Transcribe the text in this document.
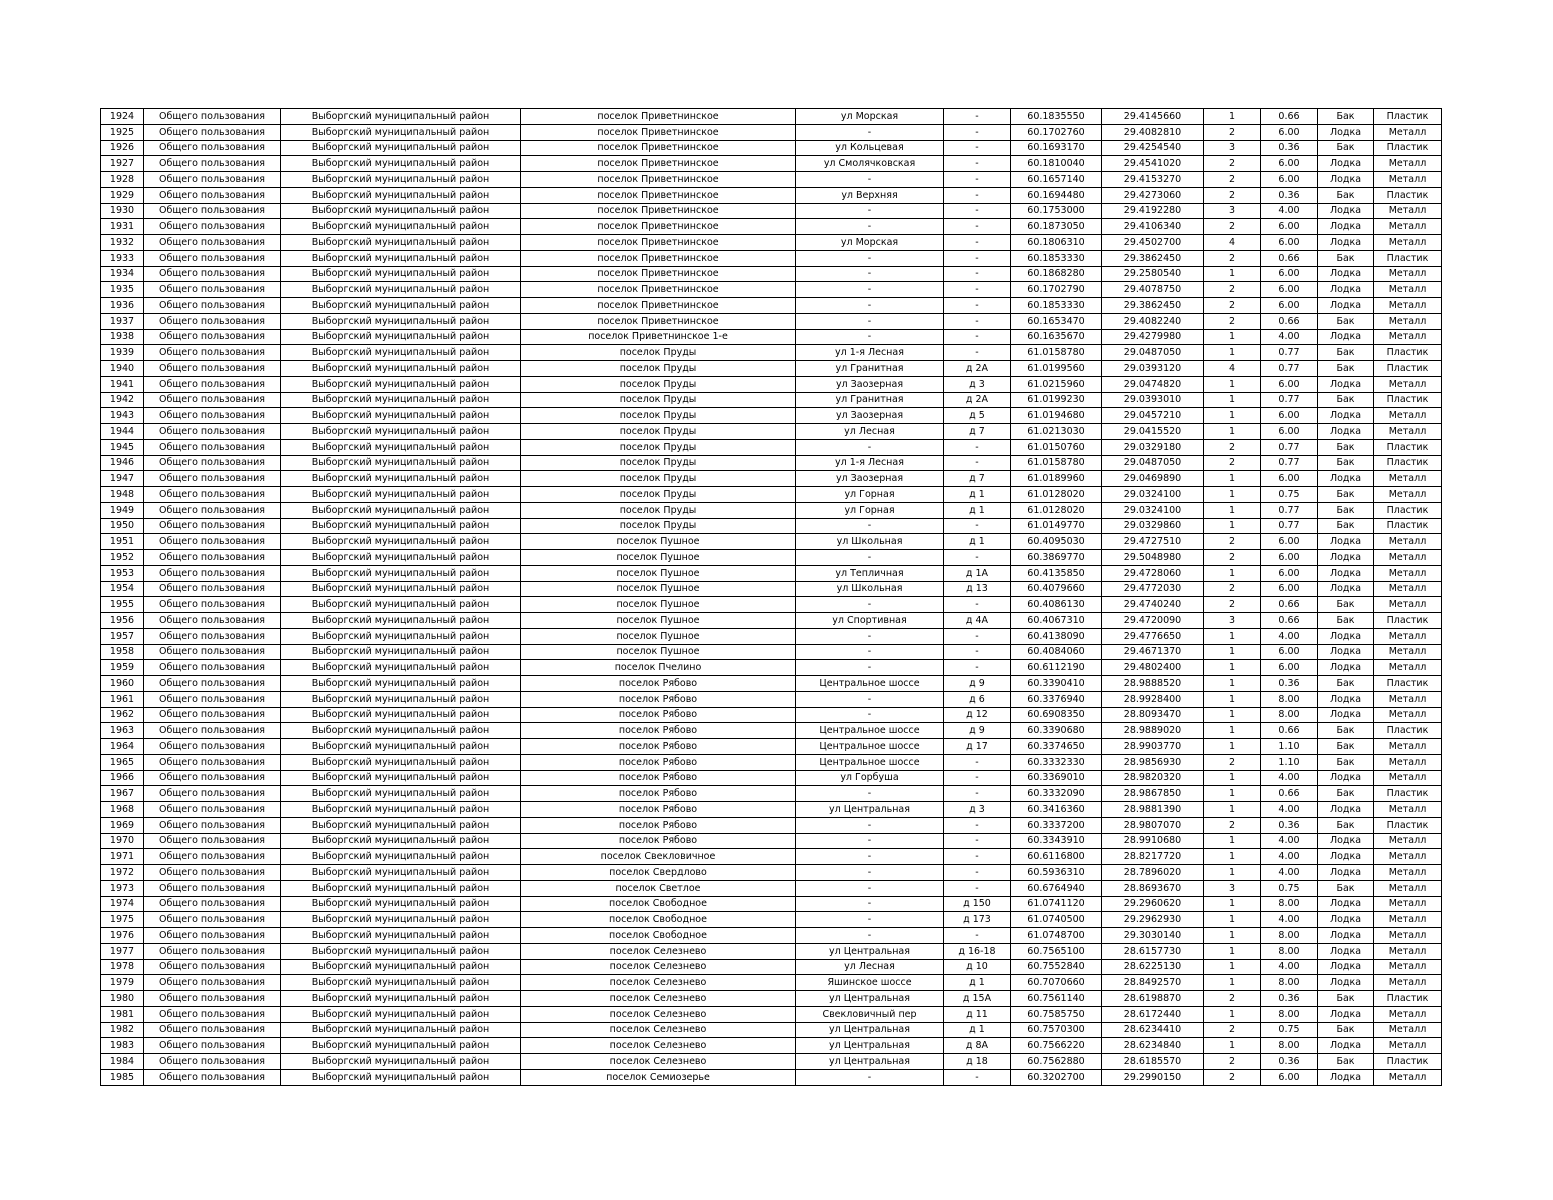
1924	Общего пользования	Выборгский муниципальный район	поселок Приветнинское	ул Морская	-	60.1835550	29.4145660	1	0.66	Бак	Пластик
1925	Общего пользования	Выборгский муниципальный район	поселок Приветнинское	-	-	60.1702760	29.4082810	2	6.00	Лодка	Металл
1926	Общего пользования	Выборгский муниципальный район	поселок Приветнинское	ул Кольцевая	-	60.1693170	29.4254540	3	0.36	Бак	Пластик
1927	Общего пользования	Выборгский муниципальный район	поселок Приветнинское	ул Смолячковская	-	60.1810040	29.4541020	2	6.00	Лодка	Металл
1928	Общего пользования	Выборгский муниципальный район	поселок Приветнинское	-	-	60.1657140	29.4153270	2	6.00	Лодка	Металл
1929	Общего пользования	Выборгский муниципальный район	поселок Приветнинское	ул Верхняя	-	60.1694480	29.4273060	2	0.36	Бак	Пластик
1930	Общего пользования	Выборгский муниципальный район	поселок Приветнинское	-	-	60.1753000	29.4192280	3	4.00	Лодка	Металл
1931	Общего пользования	Выборгский муниципальный район	поселок Приветнинское	-	-	60.1873050	29.4106340	2	6.00	Лодка	Металл
1932	Общего пользования	Выборгский муниципальный район	поселок Приветнинское	ул Морская	-	60.1806310	29.4502700	4	6.00	Лодка	Металл
1933	Общего пользования	Выборгский муниципальный район	поселок Приветнинское	-	-	60.1853330	29.3862450	2	0.66	Бак	Пластик
1934	Общего пользования	Выборгский муниципальный район	поселок Приветнинское	-	-	60.1868280	29.2580540	1	6.00	Лодка	Металл
1935	Общего пользования	Выборгский муниципальный район	поселок Приветнинское	-	-	60.1702790	29.4078750	2	6.00	Лодка	Металл
1936	Общего пользования	Выборгский муниципальный район	поселок Приветнинское	-	-	60.1853330	29.3862450	2	6.00	Лодка	Металл
1937	Общего пользования	Выборгский муниципальный район	поселок Приветнинское	-	-	60.1653470	29.4082240	2	0.66	Бак	Металл
1938	Общего пользования	Выборгский муниципальный район	поселок Приветнинское 1-е	-	-	60.1635670	29.4279980	1	4.00	Лодка	Металл
1939	Общего пользования	Выборгский муниципальный район	поселок Пруды	ул 1-я Лесная	-	61.0158780	29.0487050	1	0.77	Бак	Пластик
1940	Общего пользования	Выборгский муниципальный район	поселок Пруды	ул Гранитная	д 2А	61.0199560	29.0393120	4	0.77	Бак	Пластик
1941	Общего пользования	Выборгский муниципальный район	поселок Пруды	ул Заозерная	д 3	61.0215960	29.0474820	1	6.00	Лодка	Металл
1942	Общего пользования	Выборгский муниципальный район	поселок Пруды	ул Гранитная	д 2А	61.0199230	29.0393010	1	0.77	Бак	Пластик
1943	Общего пользования	Выборгский муниципальный район	поселок Пруды	ул Заозерная	д 5	61.0194680	29.0457210	1	6.00	Лодка	Металл
1944	Общего пользования	Выборгский муниципальный район	поселок Пруды	ул Лесная	д 7	61.0213030	29.0415520	1	6.00	Лодка	Металл
1945	Общего пользования	Выборгский муниципальный район	поселок Пруды	-	-	61.0150760	29.0329180	2	0.77	Бак	Пластик
1946	Общего пользования	Выборгский муниципальный район	поселок Пруды	ул 1-я Лесная	-	61.0158780	29.0487050	2	0.77	Бак	Пластик
1947	Общего пользования	Выборгский муниципальный район	поселок Пруды	ул Заозерная	д 7	61.0189960	29.0469890	1	6.00	Лодка	Металл
1948	Общего пользования	Выборгский муниципальный район	поселок Пруды	ул Горная	д 1	61.0128020	29.0324100	1	0.75	Бак	Металл
1949	Общего пользования	Выборгский муниципальный район	поселок Пруды	ул Горная	д 1	61.0128020	29.0324100	1	0.77	Бак	Пластик
1950	Общего пользования	Выборгский муниципальный район	поселок Пруды	-	-	61.0149770	29.0329860	1	0.77	Бак	Пластик
1951	Общего пользования	Выборгский муниципальный район	поселок Пушное	ул Школьная	д 1	60.4095030	29.4727510	2	6.00	Лодка	Металл
1952	Общего пользования	Выборгский муниципальный район	поселок Пушное	-	-	60.3869770	29.5048980	2	6.00	Лодка	Металл
1953	Общего пользования	Выборгский муниципальный район	поселок Пушное	ул Тепличная	д 1А	60.4135850	29.4728060	1	6.00	Лодка	Металл
1954	Общего пользования	Выборгский муниципальный район	поселок Пушное	ул Школьная	д 13	60.4079660	29.4772030	2	6.00	Лодка	Металл
1955	Общего пользования	Выборгский муниципальный район	поселок Пушное	-	-	60.4086130	29.4740240	2	0.66	Бак	Металл
1956	Общего пользования	Выборгский муниципальный район	поселок Пушное	ул Спортивная	д 4А	60.4067310	29.4720090	3	0.66	Бак	Пластик
1957	Общего пользования	Выборгский муниципальный район	поселок Пушное	-	-	60.4138090	29.4776650	1	4.00	Лодка	Металл
1958	Общего пользования	Выборгский муниципальный район	поселок Пушное	-	-	60.4084060	29.4671370	1	6.00	Лодка	Металл
1959	Общего пользования	Выборгский муниципальный район	поселок Пчелино	-	-	60.6112190	29.4802400	1	6.00	Лодка	Металл
1960	Общего пользования	Выборгский муниципальный район	поселок Рябово	Центральное шоссе	д 9	60.3390410	28.9888520	1	0.36	Бак	Пластик
1961	Общего пользования	Выборгский муниципальный район	поселок Рябово	-	д 6	60.3376940	28.9928400	1	8.00	Лодка	Металл
1962	Общего пользования	Выборгский муниципальный район	поселок Рябово	-	д 12	60.6908350	28.8093470	1	8.00	Лодка	Металл
1963	Общего пользования	Выборгский муниципальный район	поселок Рябово	Центральное шоссе	д 9	60.3390680	28.9889020	1	0.66	Бак	Пластик
1964	Общего пользования	Выборгский муниципальный район	поселок Рябово	Центральное шоссе	д 17	60.3374650	28.9903770	1	1.10	Бак	Металл
1965	Общего пользования	Выборгский муниципальный район	поселок Рябово	Центральное шоссе	-	60.3332330	28.9856930	2	1.10	Бак	Металл
1966	Общего пользования	Выборгский муниципальный район	поселок Рябово	ул Горбуша	-	60.3369010	28.9820320	1	4.00	Лодка	Металл
1967	Общего пользования	Выборгский муниципальный район	поселок Рябово	-	-	60.3332090	28.9867850	1	0.66	Бак	Пластик
1968	Общего пользования	Выборгский муниципальный район	поселок Рябово	ул Центральная	д 3	60.3416360	28.9881390	1	4.00	Лодка	Металл
1969	Общего пользования	Выборгский муниципальный район	поселок Рябово	-	-	60.3337200	28.9807070	2	0.36	Бак	Пластик
1970	Общего пользования	Выборгский муниципальный район	поселок Рябово	-	-	60.3343910	28.9910680	1	4.00	Лодка	Металл
1971	Общего пользования	Выборгский муниципальный район	поселок Свекловичное	-	-	60.6116800	28.8217720	1	4.00	Лодка	Металл
1972	Общего пользования	Выборгский муниципальный район	поселок Свердлово	-	-	60.5936310	28.7896020	1	4.00	Лодка	Металл
1973	Общего пользования	Выборгский муниципальный район	поселок Светлое	-	-	60.6764940	28.8693670	3	0.75	Бак	Металл
1974	Общего пользования	Выборгский муниципальный район	поселок Свободное	-	д 150	61.0741120	29.2960620	1	8.00	Лодка	Металл
1975	Общего пользования	Выборгский муниципальный район	поселок Свободное	-	д 173	61.0740500	29.2962930	1	4.00	Лодка	Металл
1976	Общего пользования	Выборгский муниципальный район	поселок Свободное	-	-	61.0748700	29.3030140	1	8.00	Лодка	Металл
1977	Общего пользования	Выборгский муниципальный район	поселок Селезнево	ул Центральная	д 16-18	60.7565100	28.6157730	1	8.00	Лодка	Металл
1978	Общего пользования	Выборгский муниципальный район	поселок Селезнево	ул Лесная	д 10	60.7552840	28.6225130	1	4.00	Лодка	Металл
1979	Общего пользования	Выборгский муниципальный район	поселок Селезнево	Яшинское шоссе	д 1	60.7070660	28.8492570	1	8.00	Лодка	Металл
1980	Общего пользования	Выборгский муниципальный район	поселок Селезнево	ул Центральная	д 15А	60.7561140	28.6198870	2	0.36	Бак	Пластик
1981	Общего пользования	Выборгский муниципальный район	поселок Селезнево	Свекловичный пер	д 11	60.7585750	28.6172440	1	8.00	Лодка	Металл
1982	Общего пользования	Выборгский муниципальный район	поселок Селезнево	ул Центральная	д 1	60.7570300	28.6234410	2	0.75	Бак	Металл
1983	Общего пользования	Выборгский муниципальный район	поселок Селезнево	ул Центральная	д 8А	60.7566220	28.6234840	1	8.00	Лодка	Металл
1984	Общего пользования	Выборгский муниципальный район	поселок Селезнево	ул Центральная	д 18	60.7562880	28.6185570	2	0.36	Бак	Пластик
1985	Общего пользования	Выборгский муниципальный район	поселок Семиозерье	-	-	60.3202700	29.2990150	2	6.00	Лодка	Металл
